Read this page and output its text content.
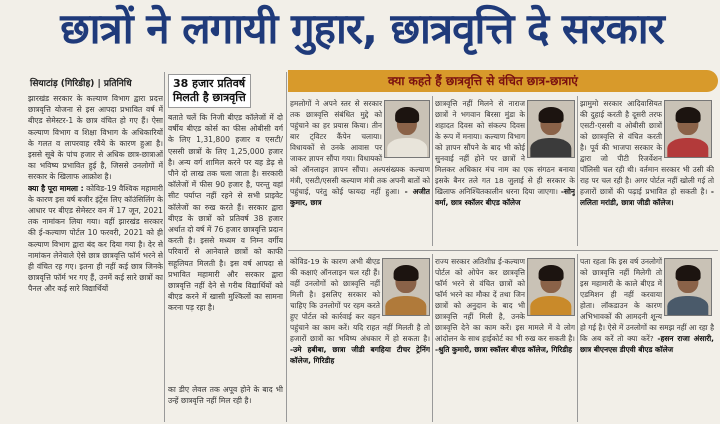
छात्रों ने लगायी गुहार, छात्रवृत्ति दे सरकार
सियाटांड़ (गिरिडीह) | प्रतिनिधि
झारखंड सरकार के कल्याण विभाग द्वारा प्रदत्त छात्रवृत्ति योजना से इस आपदा प्रभावित वर्ष में बीएड सेमेस्टर-1 के छात्र वंचित हो गए हैं। ऐसा कल्याण विभाग व शिक्षा विभाग के अधिकारियों के गलत व लापरवाह रवैये के कारण हुआ है। इससे सूबे के पांच हजार से अधिक छात्र-छात्राओं का भविष्य प्रभावित हुई है, जिससे उनलोगों में सरकार के खिलाफ आक्रोश है।
क्या है पूरा मामला : कोविड-19 वैश्विक महामारी के कारण इस वर्ष बजीर इंट्रेंस लिए कॉउंसिलिंग के आधार पर बीएड सेमेस्टर वन में 17 जून, 2021 तक नामांकन लिया गया। वहीं झारखंड सरकार की ई-कल्याण पोर्टल 10 फरवरी, 2021 को ही कल्याण विभाग द्वारा बंद कर दिया गया है। देर से नामांकन लेनेवाले ऐसे छात्र छात्रवृत्ति फॉर्म भरने से ही वंचित रह गए। इतना ही नहीं कई छात्र जिनके छात्रवृत्ति फॉर्म भर गए हैं, उनमें कई सारे छात्रों का पैनल और कई सारे विद्यार्थियों
38 हजार प्रतिवर्ष
मिलती है छात्रवृत्ति
बताते चलें कि निजी बीएड कॉलेजों में दो वर्षीय बीएड कोर्स का फीस ओबीसी वर्ग के लिए 1,31,800 हजार व एसटी/एससी छात्रों के लिए 1,25,000 हजार है। अन्य वर्ग शामिल करने पर यह डेढ़ से पौने दो लाख तक चला जाता है। सरकारी कॉलेजों में फीस 90 हजार है, परन्तु वहां सीट पर्याप्त नहीं रहने से सभी प्राइवेट कॉलेजों का रुख करते हैं। सरकार द्वारा बीएड के छात्रों को प्रतिवर्ष 38 हजार अर्थात दो वर्ष में 76 हजार छात्रवृत्ति प्रदान करती है। इससे मध्यम व निम्न वर्गीय परिवारों से आनेवाले छात्रों को काफी सहूलियत मिलती है। इस वर्ष आपदा से प्रभावित महामारी और सरकार द्वारा छात्रवृत्ति नहीं देने से गरीब विद्यार्थियों को बीएड करने में खासी मुश्किलों का सामना करना पड़ रहा है।
का डीए लेवल तक अपूव होने के बाद भी उन्हें छात्रवृत्ति नहीं मिल रही है।
क्या कहते हैं छात्रवृत्ति से वंचित छात्र-छात्राएं
हमलोगों ने अपने स्तर से सरकार तक छात्रवृत्ति संबंधित मुद्दे को पहुंचाने का हर प्रयास किया। तीन बार ट्विटर कैंपेन चलाया। विधायकों से उनके आवास पर जाकर ज्ञापन सौंपा गया। विधायकों को ऑनलाइन ज्ञापन सौंपा। अल्पसंख्यक कल्याण मंत्री, एसटी/एससी कल्याण मंत्री तक अपनी बातों को पहुंचाई, परंतु कोई फायदा नहीं हुआ। - अजीत कुमार, छात्र
छात्रवृत्ति नहीं मिलने से नाराज छात्रों ने भगवान बिरसा मुंडा के शहादत दिवस को संकल्प दिवस के रूप में मनाया। कल्याण विभाग को ज्ञापन सौंपने के बाद भी कोई सुनवाई नहीं होने पर छात्रों ने मिलकर अधिकार मंच नाम का एक संगठन बनाया इसके बैनर तले गत 18 जुलाई से ही सरकार के खिलाफ अनिश्चितकालीन धरना दिया जाएगा। -सोनू वर्मा, छात्र स्कॉलर बीएड कॉलेज
झामुमो सरकार आदिवासियत की दुहाई करती है दूसरी तरफ एसटी-एससी व ओबीसी छात्रों को छात्रवृत्ति से वंचित करती है। पूर्व की भाजपा सरकार के द्वारा जो पीटी रिजर्वेशन पॉलिसी चल रही थी। वर्तमान सरकार भी उसी की राह पर चल रही है। अगर पोर्टल नहीं खोली गई तो हजारों छात्रों की पढ़ाई प्रभावित हो सकती है। - ललिता मरांडी, छात्रा जीडी कॉलेज।
कोविड-19 के कारण अभी बीएड की कक्षाएं ऑनलाइन चल रही हैं। वहीं उनलोगों को छात्रवृत्ति नहीं मिली है। इसलिए सरकार को चाहिए कि उनलोगों पर रहम करते हुए पोर्टल को कार्रवाई कर वहन पहुंचाने का काम करें। यदि राहत नहीं मिलती है तो हजारों छात्रों का भविष्य अंधकार में हो सकता है। -उमे हबीबा, छात्रा जीडी बगहिया टीचर ट्रेनिंग कॉलेज, गिरिडीह
राज्य सरकार अतिशीघ्र ई-कल्याण पोर्टल को ओपेन कर छात्रवृत्ति फॉर्म भरने से वंचित छात्रों को फॉर्म भरने का मौका दें तथा जिन छात्रों को अनुदान के बाद भी छात्रवृत्ति नहीं मिली है, उनके छात्रवृत्ति देने का काम करें। इस मामले में वे लोग आंदोलन के साथ हाईकोर्ट का भी रुख कर सकती है। -श्रुति कुमारी, छात्रा स्कॉलर बीएड कॉलेज, गिरिडीह
पता रहता कि इस वर्ष उनलोगों को छात्रवृत्ति नहीं मिलेगी तो इस महामारी के काले बीएड में एडमिशन ही नहीं करवाया होता। लॉकडाउन के कारण अभिभावकों की आमदनी शून्य हो गई है। ऐसे में उनलोगों का समझ नहीं आ रहा है कि अब करें तो क्या करें? -हसन राजा अंसारी, छात्र बीएनएस डीएवी बीएड कॉलेज
